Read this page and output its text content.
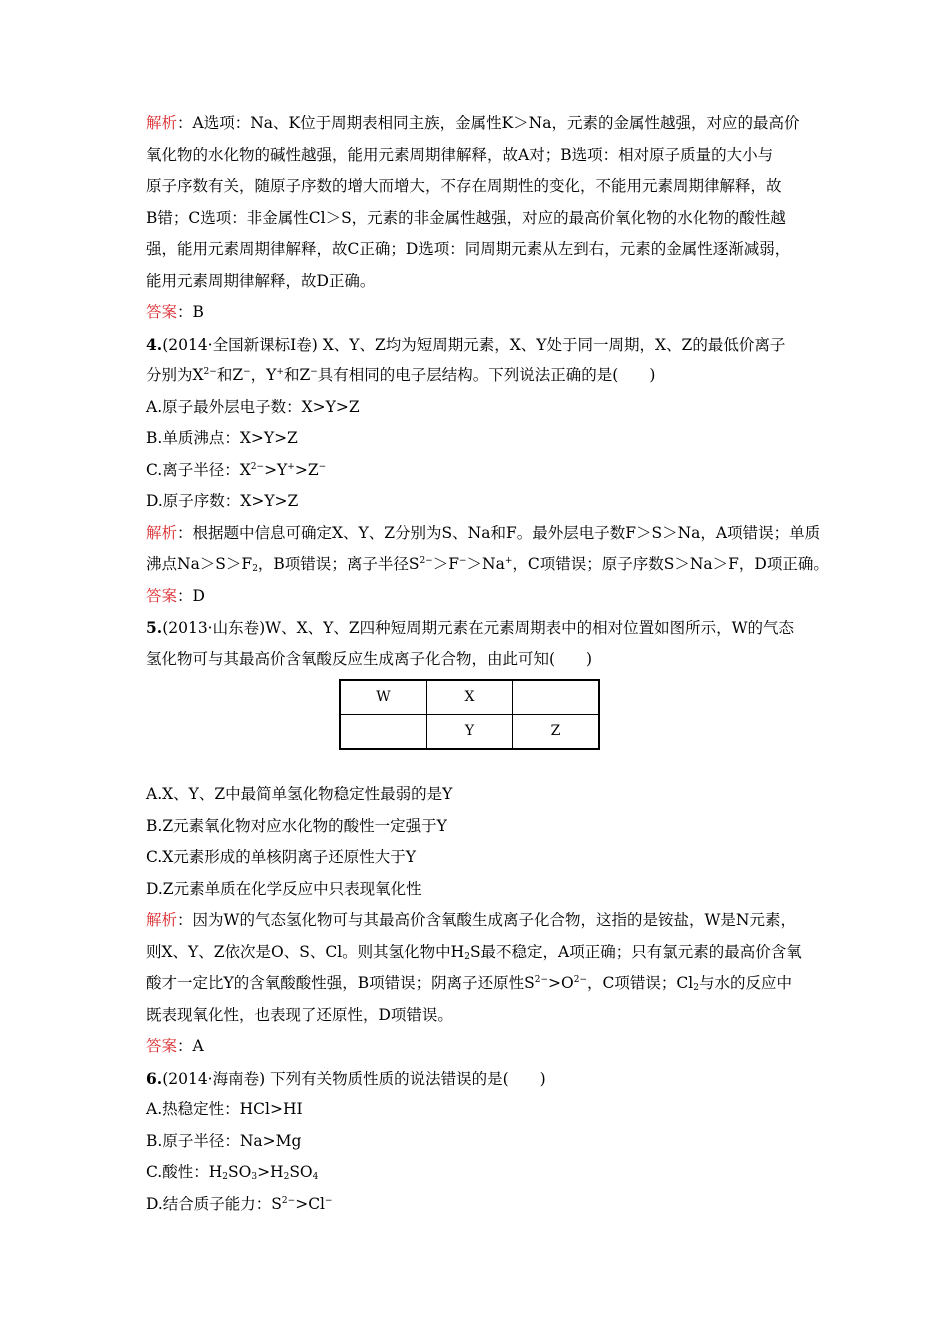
解析：A选项：Na、K位于周期表相同主族，金属性K＞Na，元素的金属性越强，对应的最高价
氧化物的水化物的碱性越强，能用元素周期律解释，故A对；B选项：相对原子质量的大小与
原子序数有关，随原子序数的增大而增大，不存在周期性的变化，不能用元素周期律解释，故
B错；C选项：非金属性Cl＞S，元素的非金属性越强，对应的最高价氧化物的水化物的酸性越
强，能用元素周期律解释，故C正确；D选项：同周期元素从左到右，元素的金属性逐渐减弱，
能用元素周期律解释，故D正确。
答案：B
4.(2014·全国新课标Ⅰ卷) X、Y、Z均为短周期元素，X、Y处于同一周期，X、Z的最低价离子
分别为$X^{2-}$和Z−，Y+和Z−具有相同的电子层结构。下列说法正确的是(　　)
A.原子最外层电子数：X>Y>Z
B.单质沸点：X>Y>Z
C.离子半径：$X^{2-}>Y^+>Z^-$
D.原子序数：X>Y>Z
解析：根据题中信息可确定X、Y、Z分别为S、Na和F。最外层电子数F＞S＞Na，A项错误；单质
沸点$Na>S>F_2$，B项错误；离子半径$S^{2-}>F^->Na^+$，C项错误；原子序数S＞Na＞F，D项正确。
答案：D
5.(2013·山东卷)W、X、Y、Z四种短周期元素在元素周期表中的相对位置如图所示，W的气态
氢化物可与其最高价含氧酸反应生成离子化合物，由此可知(　　)
W	X	
	Y	Z
A.X、Y、Z中最简单氢化物稳定性最弱的是Y
B.Z元素氧化物对应水化物的酸性一定强于Y
C.X元素形成的单核阴离子还原性大于Y
D.Z元素单质在化学反应中只表现氧化性
解析：因为W的气态氢化物可与其最高价含氧酸生成离子化合物，这指的是铵盐，W是N元素，
则X、Y、Z依次是O、S、Cl。则其氢化物中$H_2S$最不稳定，A项正确；只有氯元素的最高价含氧
酸才一定比Y的含氧酸酸性强，B项错误；阴离子还原性$S^{2-}>O^{2-}$，C项错误；$Cl_2$与水的反应中
既表现氧化性，也表现了还原性，D项错误。
答案：A
6.(2014·海南卷) 下列有关物质性质的说法错误的是(　　)
A.热稳定性：HCl>HI
B.原子半径：Na>Mg
C.酸性：$H_2SO_3>H_2SO_4$
D.结合质子能力：$S^{2-}>Cl^-$
